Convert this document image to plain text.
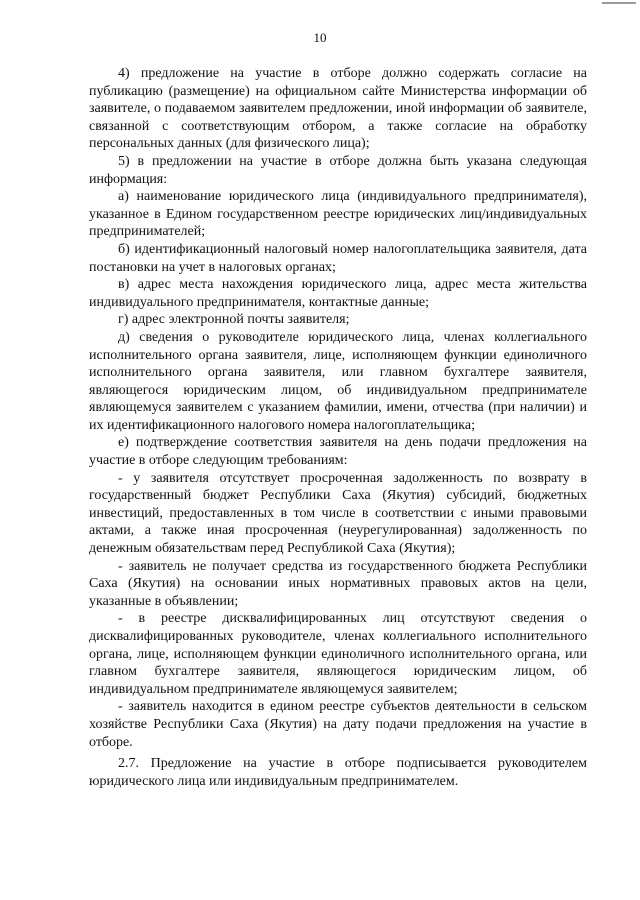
10

4) предложение на участие в отборе должно содержать согласие на публикацию (размещение) на официальном сайте Министерства информации об заявителе, о подаваемом заявителем предложении, иной информации об заявителе, связанной с соответствующим отбором, а также согласие на обработку персональных данных (для физического лица);

5) в предложении на участие в отборе должна быть указана следующая информация:

а) наименование юридического лица (индивидуального предпринимателя), указанное в Едином государственном реестре юридических лиц/индивидуальных предпринимателей;

б) идентификационный налоговый номер налогоплательщика заявителя, дата постановки на учет в налоговых органах;

в) адрес места нахождения юридического лица, адрес места жительства индивидуального предпринимателя, контактные данные;

г) адрес электронной почты заявителя;

д) сведения о руководителе юридического лица, членах коллегиального исполнительного органа заявителя, лице, исполняющем функции единоличного исполнительного органа заявителя, или главном бухгалтере заявителя, являющегося юридическим лицом, об индивидуальном предпринимателе являющемуся заявителем с указанием фамилии, имени, отчества (при наличии) и их идентификационного налогового номера налогоплательщика;

е) подтверждение соответствия заявителя на день подачи предложения на участие в отборе следующим требованиям:

- у заявителя отсутствует просроченная задолженность по возврату в государственный бюджет Республики Саха (Якутия) субсидий, бюджетных инвестиций, предоставленных в том числе в соответствии с иными правовыми актами, а также иная просроченная (неурегулированная) задолженность по денежным обязательствам перед Республикой Саха (Якутия);

- заявитель не получает средства из государственного бюджета Республики Саха (Якутия) на основании иных нормативных правовых актов на цели, указанные в объявлении;

- в реестре дисквалифицированных лиц отсутствуют сведения о дисквалифицированных руководителе, членах коллегиального исполнительного органа, лице, исполняющем функции единоличного исполнительного органа, или главном бухгалтере заявителя, являющегося юридическим лицом, об индивидуальном предпринимателе являющемуся заявителем;

- заявитель находится в едином реестре субъектов деятельности в сельском хозяйстве Республики Саха (Якутия) на дату подачи предложения на участие в отборе.

2.7. Предложение на участие в отборе подписывается руководителем юридического лица или индивидуальным предпринимателем.
